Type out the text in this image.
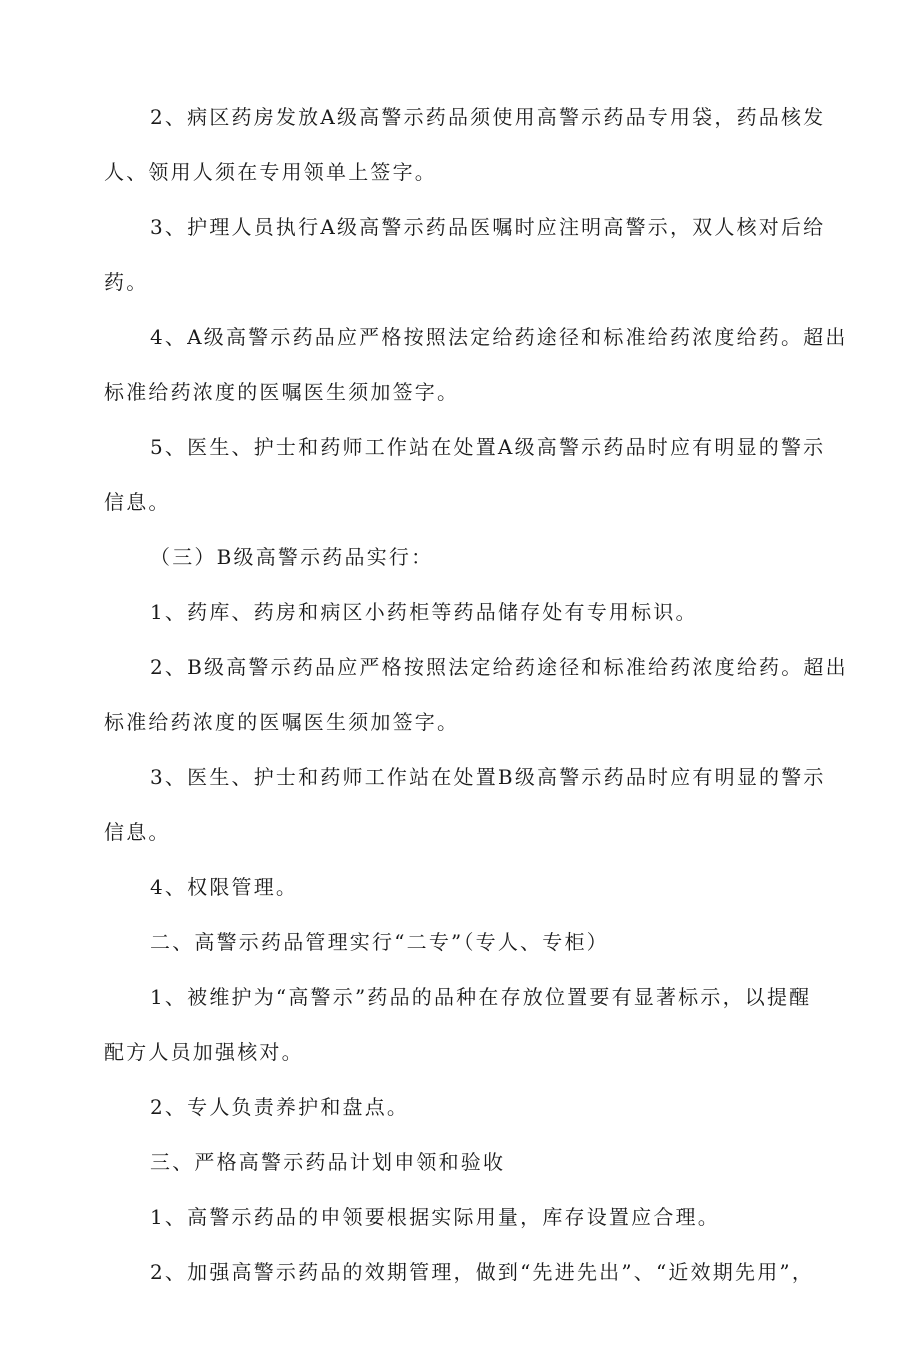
2、病区药房发放A级高警示药品须使用高警示药品专用袋，药品核发
人、领用人须在专用领单上签字。
3、护理人员执行A级高警示药品医嘱时应注明高警示，双人核对后给
药。
4、A级高警示药品应严格按照法定给药途径和标准给药浓度给药。超出
标准给药浓度的医嘱医生须加签字。
5、医生、护士和药师工作站在处置A级高警示药品时应有明显的警示
信息。
（三）B级高警示药品实行：
1、药库、药房和病区小药柜等药品储存处有专用标识。
2、B级高警示药品应严格按照法定给药途径和标准给药浓度给药。超出
标准给药浓度的医嘱医生须加签字。
3、医生、护士和药师工作站在处置B级高警示药品时应有明显的警示
信息。
4、权限管理。
二、高警示药品管理实行“二专”（专人、专柜）
1、被维护为“高警示”药品的品种在存放位置要有显著标示，以提醒
配方人员加强核对。
2、专人负责养护和盘点。
三、严格高警示药品计划申领和验收
1、高警示药品的申领要根据实际用量，库存设置应合理。
2、加强高警示药品的效期管理，做到“先进先出”、“近效期先用”，
